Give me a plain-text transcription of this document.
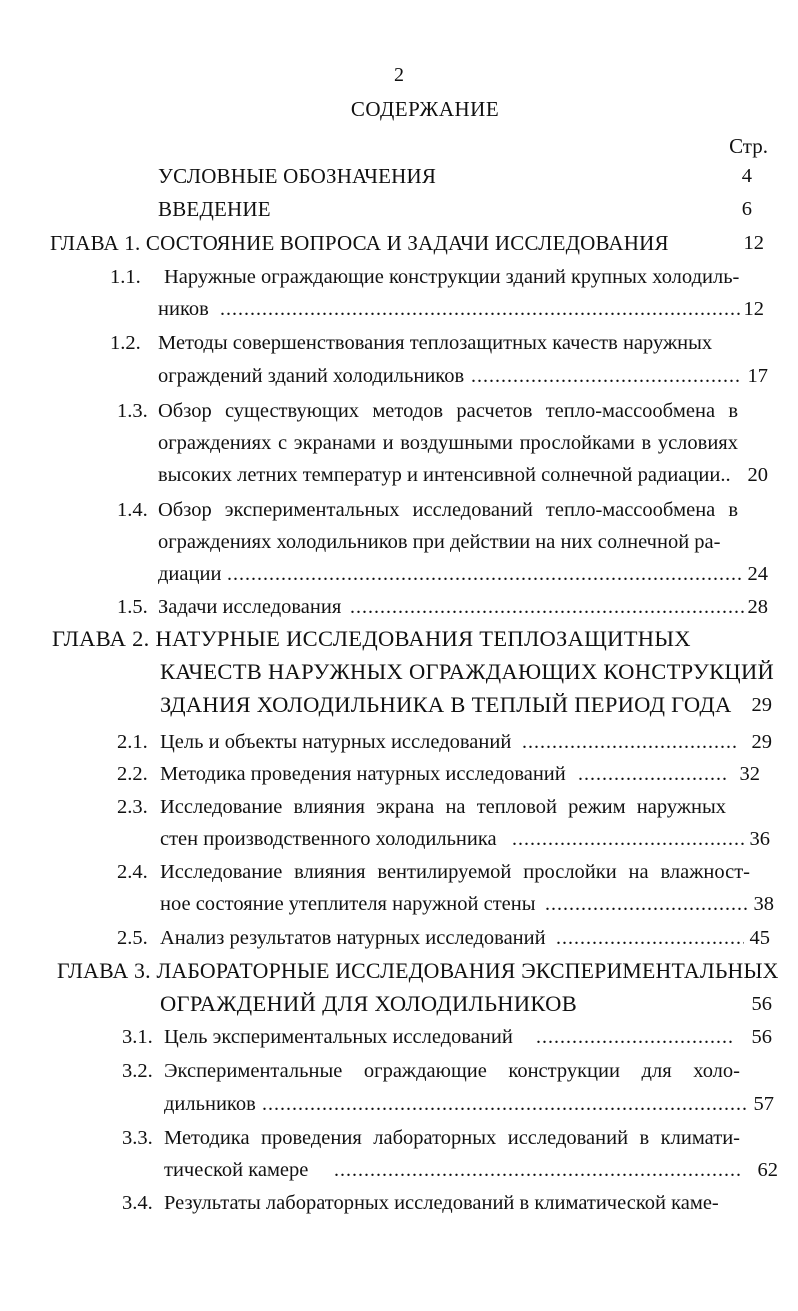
2
СОДЕРЖАНИЕ
Стр.
УСЛОВНЫЕ ОБОЗНАЧЕНИЯ	4
ВВЕДЕНИЕ	6
ГЛАВА 1. СОСТОЯНИЕ ВОПРОСА И ЗАДАЧИ ИССЛЕДОВАНИЯ	12
1.1. Наружные ограждающие конструкции зданий крупных холодиль-
ников .....	12
1.2. Методы совершенствования теплозащитных качеств наружных
ограждений зданий холодильников .....	17
1.3. Обзор существующих методов расчетов тепло-массообмена в
ограждениях с экранами и воздушными прослойками в условиях
высоких летних температур и интенсивной солнечной радиации.. 20
1.4. Обзор экспериментальных исследований тепло-массообмена в
ограждениях холодильников при действии на них солнечной ра-
диации .....	24
1.5. Задачи исследования .....	28
ГЛАВА 2. НАТУРНЫЕ ИССЛЕДОВАНИЯ ТЕПЛОЗАЩИТНЫХ
КАЧЕСТВ НАРУЖНЫХ ОГРАЖДАЮЩИХ КОНСТРУКЦИЙ
ЗДАНИЯ ХОЛОДИЛЬНИКА В ТЕПЛЫЙ ПЕРИОД ГОДА 29
2.1. Цель и объекты натурных исследований .....	29
2.2. Методика проведения натурных исследований .....	32
2.3. Исследование влияния экрана на тепловой режим наружных
стен производственного холодильника .....	36
2.4. Исследование влияния вентилируемой прослойки на влажност-
ное состояние утеплителя наружной стены .....	38
2.5. Анализ результатов натурных исследований .....	45
ГЛАВА 3. ЛАБОРАТОРНЫЕ ИССЛЕДОВАНИЯ ЭКСПЕРИМЕНТАЛЬНЫХ
ОГРАЖДЕНИЙ ДЛЯ ХОЛОДИЛЬНИКОВ	56
3.1. Цель экспериментальных исследований .....	56
3.2. Экспериментальные ограждающие конструкции для холо-
дильников .....	57
3.3. Методика проведения лабораторных исследований в климати-
тической камере .....	62
3.4. Результаты лабораторных исследований в климатической каме-
